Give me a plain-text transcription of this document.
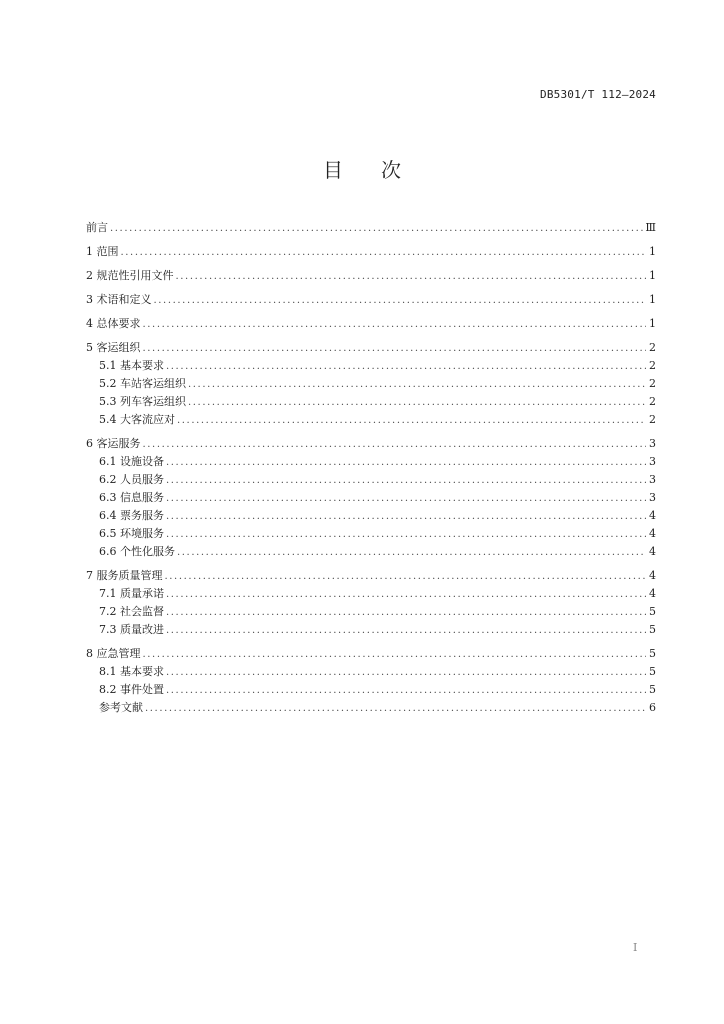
DB5301/T 112—2024
目 次
前言 .....	Ⅲ
1 范围 .....	1
2 规范性引用文件 .....	1
3 术语和定义 .....	1
4 总体要求 .....	1
5 客运组织 .....	2
5.1 基本要求 .....	2
5.2 车站客运组织 .....	2
5.3 列车客运组织 .....	2
5.4 大客流应对 .....	2
6 客运服务 .....	3
6.1 设施设备 .....	3
6.2 人员服务 .....	3
6.3 信息服务 .....	3
6.4 票务服务 .....	4
6.5 环境服务 .....	4
6.6 个性化服务 .....	4
7 服务质量管理 .....	4
7.1 质量承诺 .....	4
7.2 社会监督 .....	5
7.3 质量改进 .....	5
8 应急管理 .....	5
8.1 基本要求 .....	5
8.2 事件处置 .....	5
参考文献 .....	6
I
